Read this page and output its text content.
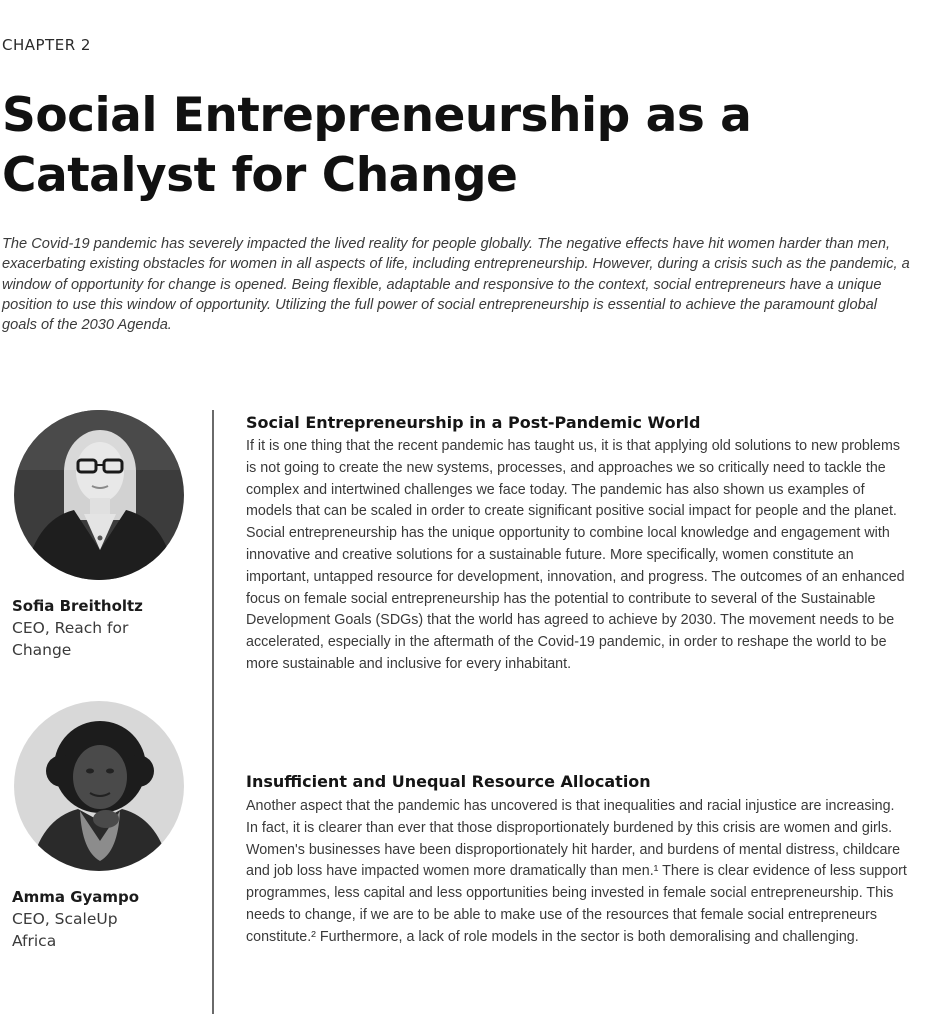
CHAPTER 2
Social Entrepreneurship as a Catalyst for Change

The Covid-19 pandemic has severely impacted the lived reality for people globally. The negative effects have hit women harder than men, exacerbating existing obstacles for women in all aspects of life, including entrepreneurship. However, during a crisis such as the pandemic, a window of opportunity for change is opened. Being flexible, adaptable and responsive to the context, social entrepreneurs have a unique position to use this window of opportunity. Utilizing the full power of social entrepreneurship is essential to achieve the paramount global goals of the 2030 Agenda.

Sofia Breitholtz
CEO, Reach for Change
Amma Gyampo
CEO, ScaleUp Africa
Social Entrepreneurship in a Post-Pandemic World

If it is one thing that the recent pandemic has taught us, it is that applying old solutions to new problems is not going to create the new systems, processes, and approaches we so critically need to tackle the complex and intertwined challenges we face today. The pandemic has also shown us examples of models that can be scaled in order to create significant positive social impact for people and the planet. Social entrepreneurship has the unique opportunity to combine local knowledge and engagement with innovative and creative solutions for a sustainable future. More specifically, women constitute an important, untapped resource for development, innovation, and progress. The outcomes of an enhanced focus on female social entrepreneurship has the potential to contribute to several of the Sustainable Development Goals (SDGs) that the world has agreed to achieve by 2030. The movement needs to be accelerated, especially in the aftermath of the Covid-19 pandemic, in order to reshape the world to be more sustainable and inclusive for every inhabitant.

Insufficient and Unequal Resource Allocation

Another aspect that the pandemic has uncovered is that inequalities and racial injustice are increasing. In fact, it is clearer than ever that those disproportionately burdened by this crisis are women and girls. Women's businesses have been disproportionately hit harder, and burdens of mental distress, childcare and job loss have impacted women more dramatically than men.¹ There is clear evidence of less support programmes, less capital and less opportunities being invested in female social entrepreneurship. This needs to change, if we are to be able to make use of the resources that female social entrepreneurs constitute.² Furthermore, a lack of role models in the sector is both demoralising and challenging.
